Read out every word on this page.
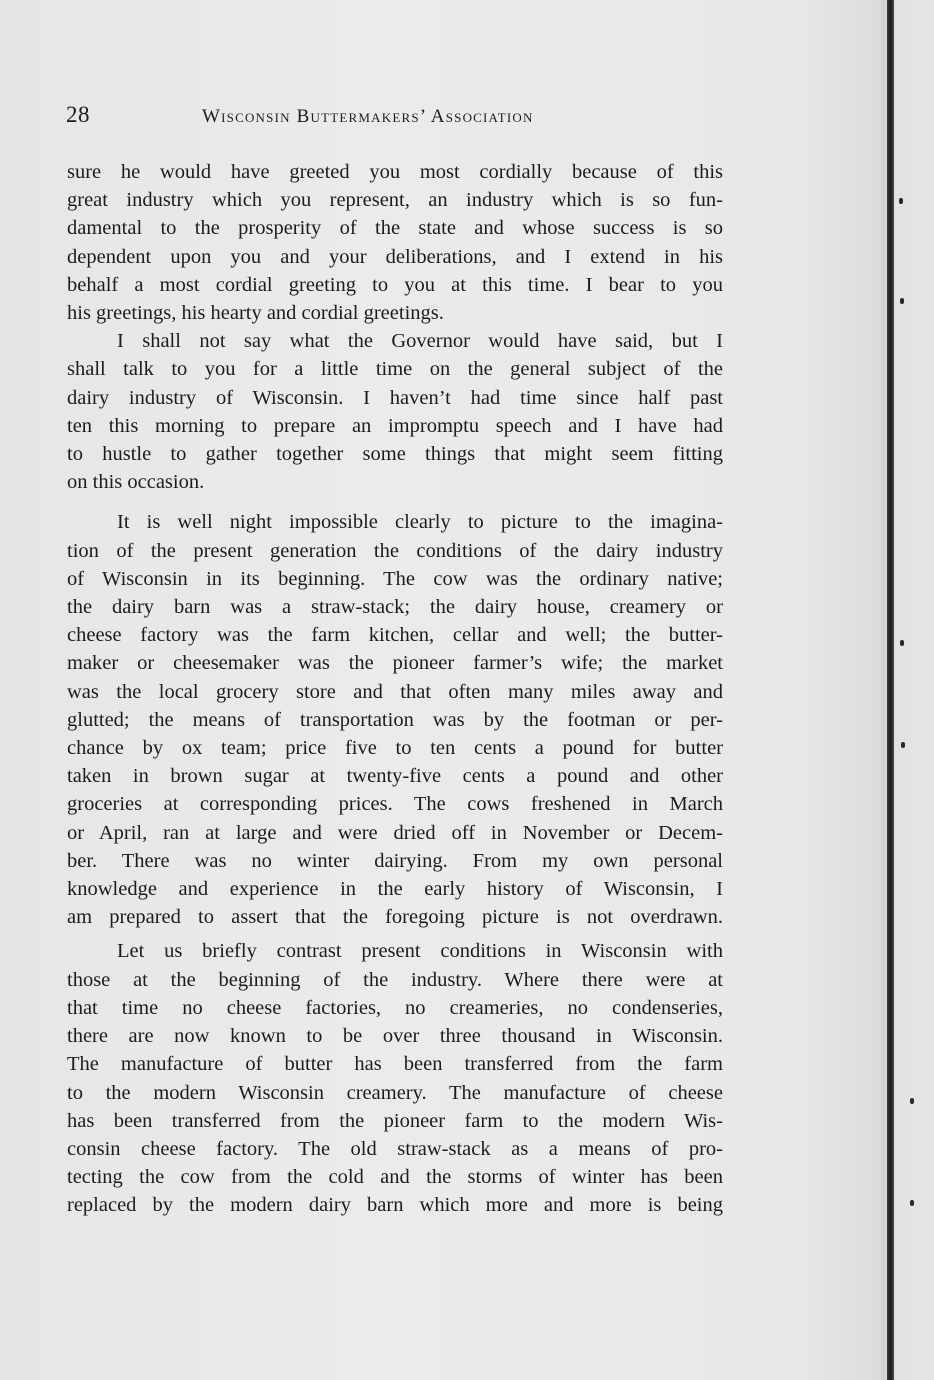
28	Wisconsin Buttermakers’ Association

sure he would have greeted you most cordially because of this
great industry which you represent, an industry which is so fun-
damental to the prosperity of the state and whose success is so
dependent upon you and your deliberations, and I extend in his
behalf a most cordial greeting to you at this time. I bear to you
his greetings, his hearty and cordial greetings.

I shall not say what the Governor would have said, but I
shall talk to you for a little time on the general subject of the
dairy industry of Wisconsin. I haven’t had time since half past
ten this morning to prepare an impromptu speech and I have had
to hustle to gather together some things that might seem fitting
on this occasion.

It is well night impossible clearly to picture to the imagina-
tion of the present generation the conditions of the dairy industry
of Wisconsin in its beginning. The cow was the ordinary native;
the dairy barn was a straw-stack; the dairy house, creamery or
cheese factory was the farm kitchen, cellar and well; the butter-
maker or cheesemaker was the pioneer farmer’s wife; the market
was the local grocery store and that often many miles away and
glutted; the means of transportation was by the footman or per-
chance by ox team; price five to ten cents a pound for butter
taken in brown sugar at twenty-five cents a pound and other
groceries at corresponding prices. The cows freshened in March
or April, ran at large and were dried off in November or Decem-
ber. There was no winter dairying. From my own personal
knowledge and experience in the early history of Wisconsin, I
am prepared to assert that the foregoing picture is not overdrawn.

Let us briefly contrast present conditions in Wisconsin with
those at the beginning of the industry. Where there were at
that time no cheese factories, no creameries, no condenseries,
there are now known to be over three thousand in Wisconsin.
The manufacture of butter has been transferred from the farm
to the modern Wisconsin creamery. The manufacture of cheese
has been transferred from the pioneer farm to the modern Wis-
consin cheese factory. The old straw-stack as a means of pro-
tecting the cow from the cold and the storms of winter has been
replaced by the modern dairy barn which more and more is being
